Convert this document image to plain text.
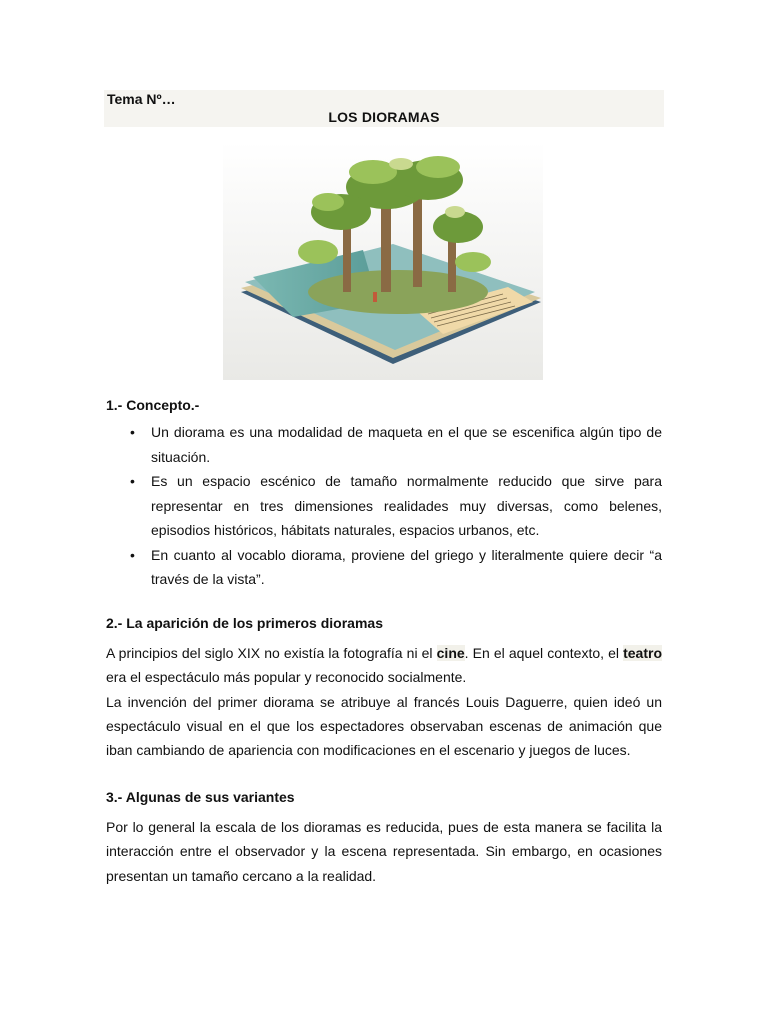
Tema Nº…
LOS DIORAMAS
1.- Concepto.-
• Un diorama es una modalidad de maqueta en el que se escenifica algún tipo de situación.
• Es un espacio escénico de tamaño normalmente reducido que sirve para representar en tres dimensiones realidades muy diversas, como belenes, episodios históricos, hábitats naturales, espacios urbanos, etc.
• En cuanto al vocablo diorama, proviene del griego y literalmente quiere decir “a través de la vista”.
2.- La aparición de los primeros dioramas

A principios del siglo XIX no existía la fotografía ni el cine. En el aquel contexto, el teatro era el espectáculo más popular y reconocido socialmente.
La invención del primer diorama se atribuye al francés Louis Daguerre, quien ideó un espectáculo visual en el que los espectadores observaban escenas de animación que iban cambiando de apariencia con modificaciones en el escenario y juegos de luces.

3.- Algunas de sus variantes

Por lo general la escala de los dioramas es reducida, pues de esta manera se facilita la interacción entre el observador y la escena representada. Sin embargo, en ocasiones presentan un tamaño cercano a la realidad.
